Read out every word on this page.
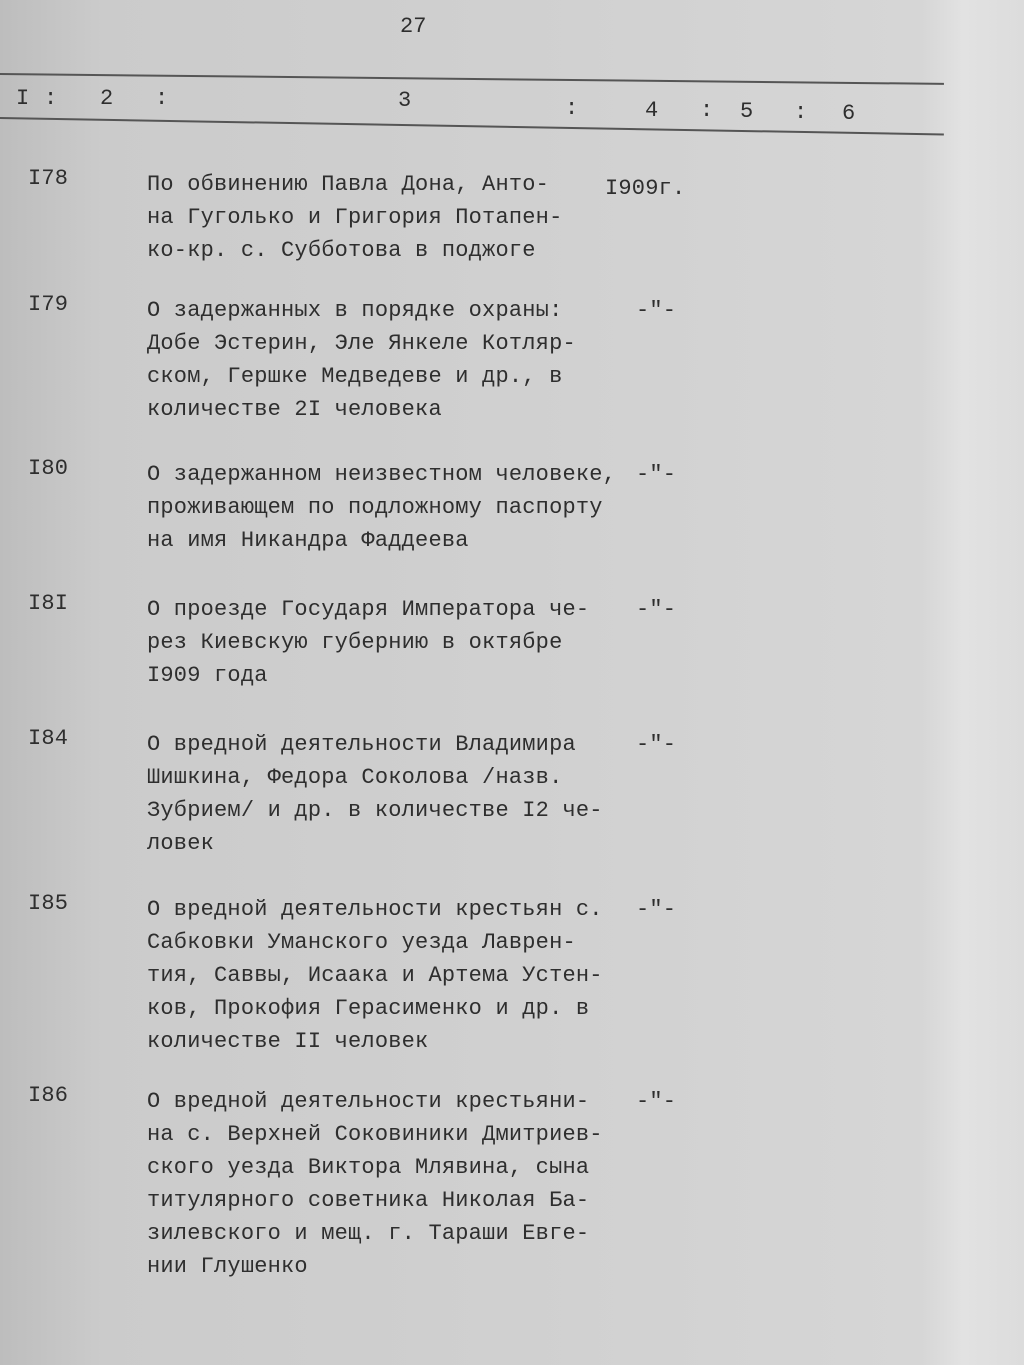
27
I : 2 :	3	:	4 : 5 : 6
I78	По обвинению Павла Дона, Анто-
на Гуголько и Григория Потапен-
ко-кр. с. Субботова в поджоге
I909г.
I79	О задержанных в порядке охраны:
Добе Эстерин, Эле Янкеле Котляр-
ском, Гершке Медведеве и др., в
количестве 2I человека
-"-
I80	О задержанном неизвестном человеке,
проживающем по подложному паспорту
на имя Никандра Фаддеева
-"-
I8I	О проезде Государя Императора че-
рез Киевскую губернию в октябре
I909 года
-"-
I84	О вредной деятельности Владимира
Шишкина, Федора Соколова /назв.
Зубрием/ и др. в количестве I2 че-
ловек
-"-
I85	О вредной деятельности крестьян с.
Сабковки Уманского уезда Лаврен-
тия, Саввы, Исаака и Артема Устен-
ков, Прокофия Герасименко и др. в
количестве II человек
-"-
I86	О вредной деятельности крестьяни-
на с. Верхней Соковиники Дмитриев-
ского уезда Виктора Млявина, сына
титулярного советника Николая Ба-
зилевского и мещ. г. Тараши Евге-
нии Глушенко
-"-
